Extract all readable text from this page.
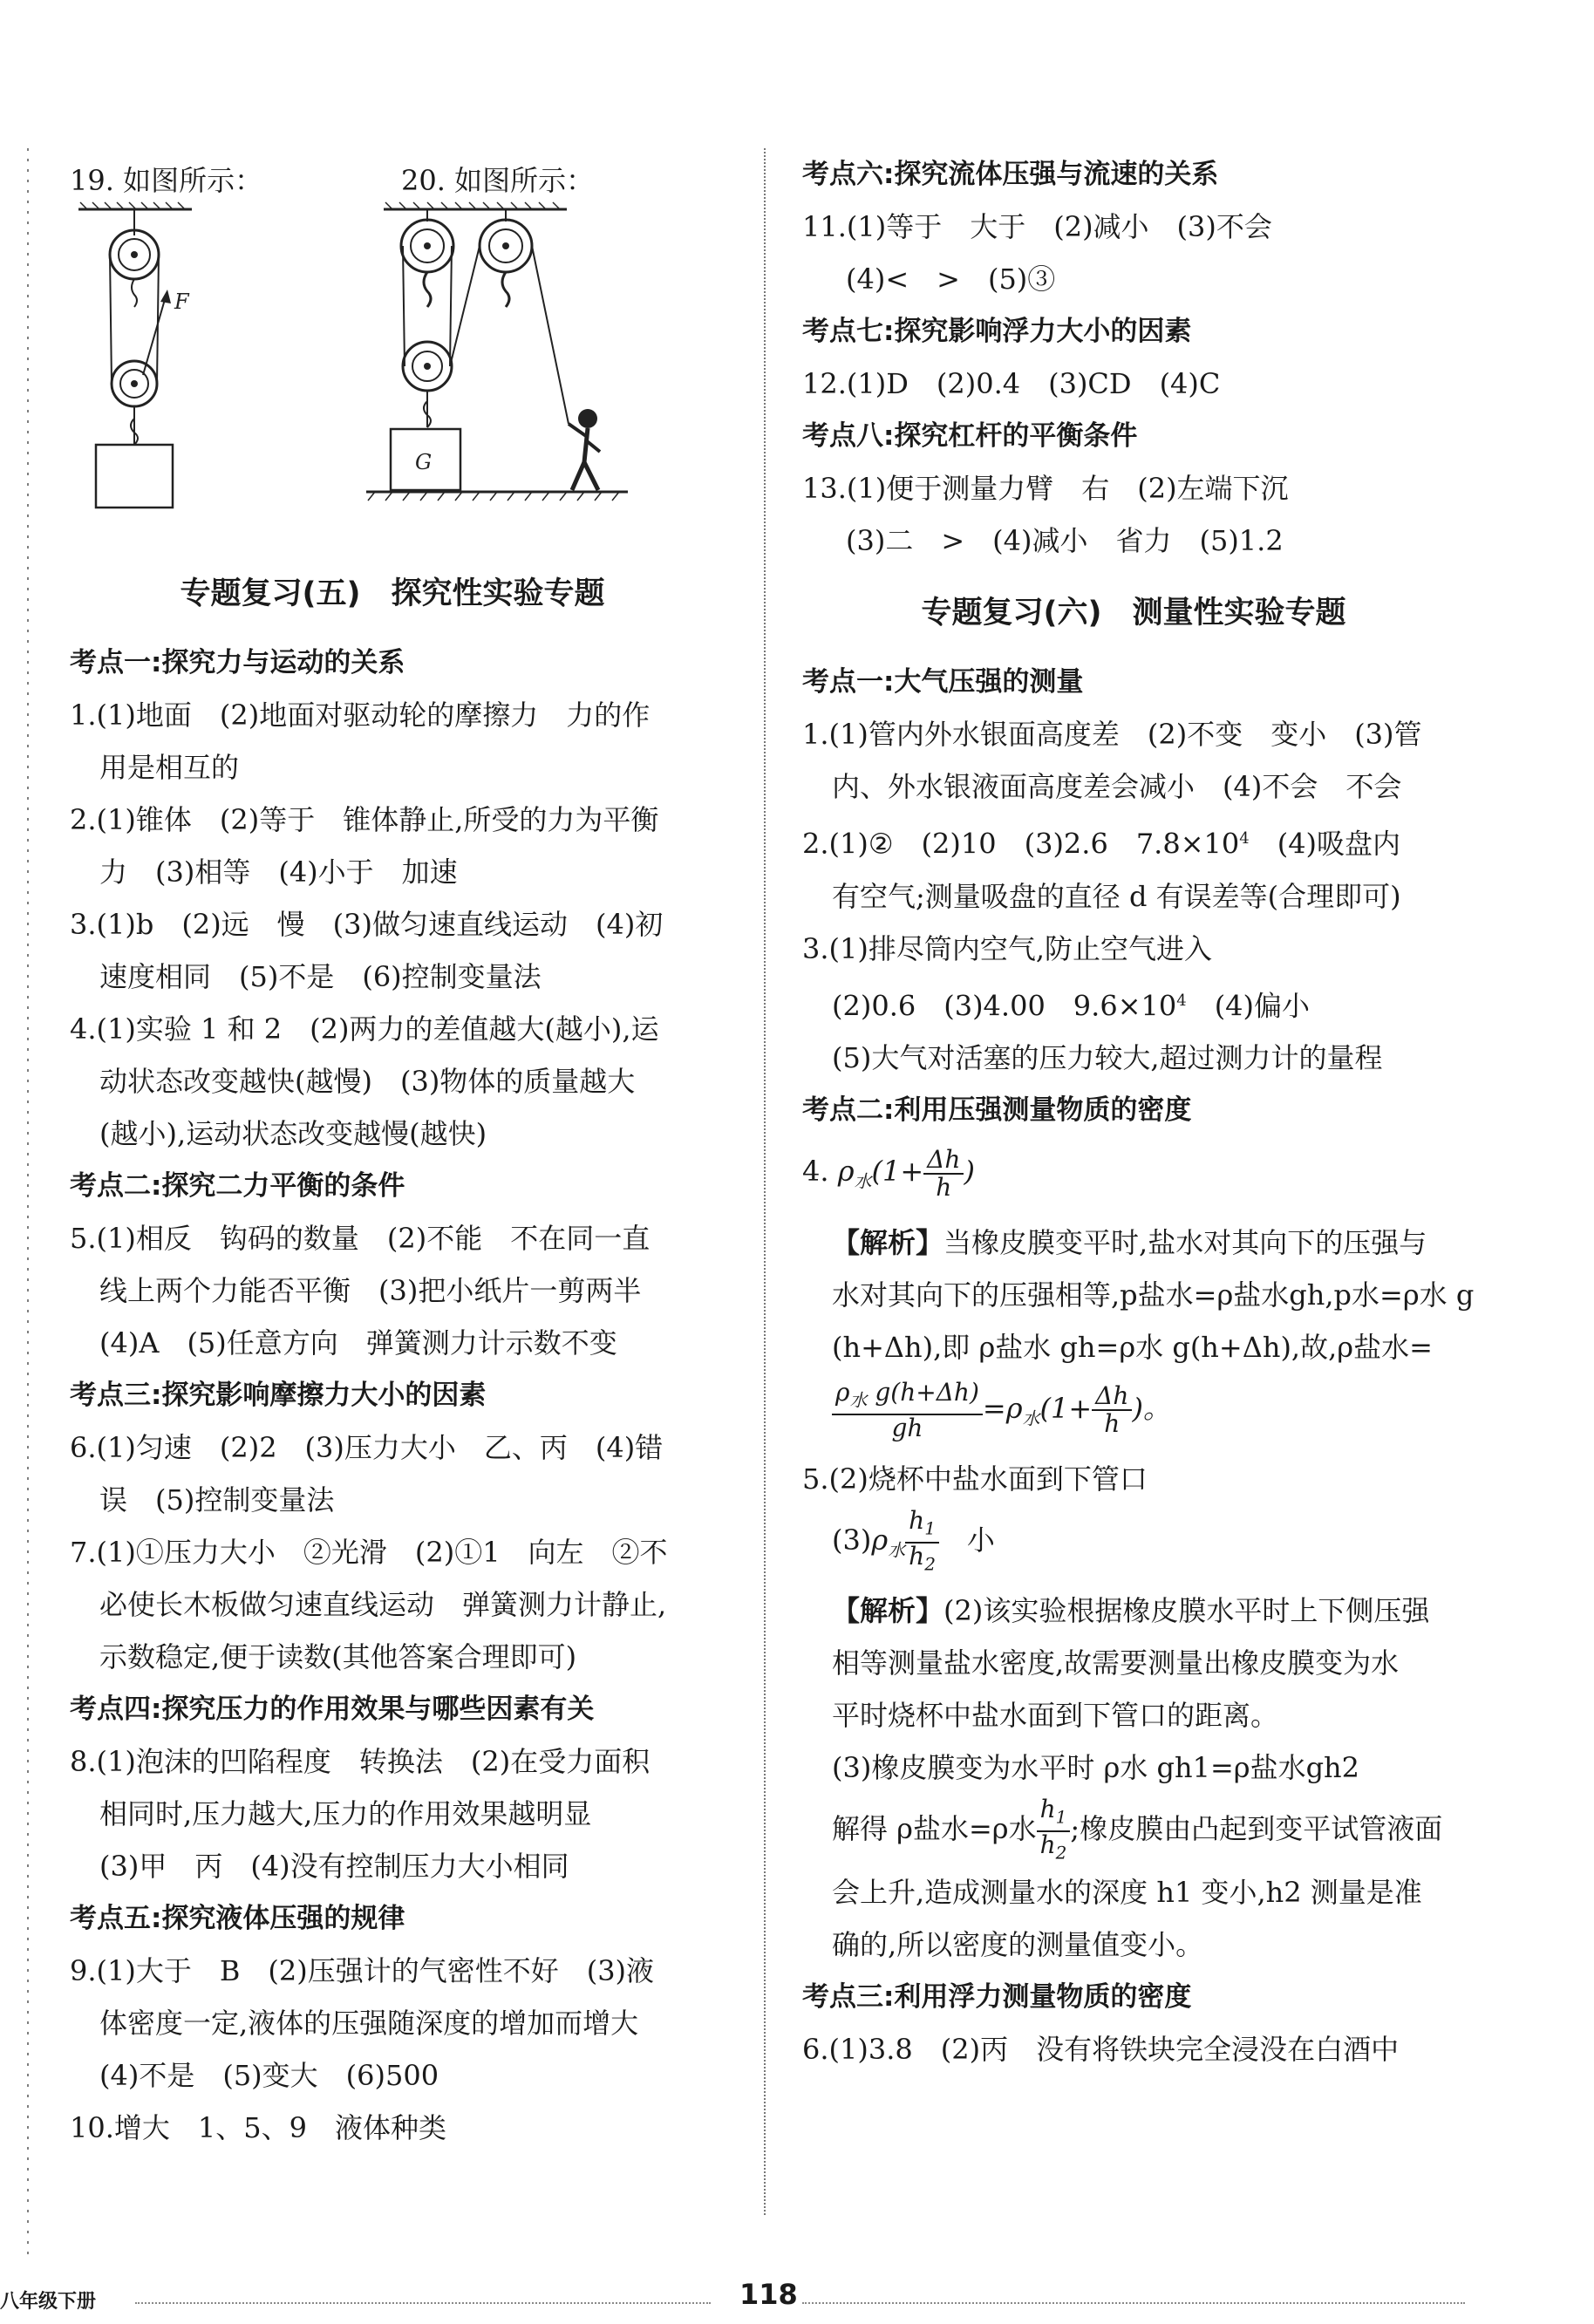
19. 如图所示：	20. 如图所示：
F
G
专题复习(五)　探究性实验专题
考点一:探究力与运动的关系
1.(1)地面　(2)地面对驱动轮的摩擦力　力的作
用是相互的
2.(1)锥体　(2)等于　锥体静止,所受的力为平衡
力　(3)相等　(4)小于　加速
3.(1)b　(2)远　慢　(3)做匀速直线运动　(4)初
速度相同　(5)不是　(6)控制变量法
4.(1)实验 1 和 2　(2)两力的差值越大(越小),运
动状态改变越快(越慢)　(3)物体的质量越大
(越小),运动状态改变越慢(越快)
考点二:探究二力平衡的条件
5.(1)相反　钩码的数量　(2)不能　不在同一直
线上两个力能否平衡　(3)把小纸片一剪两半
(4)A　(5)任意方向　弹簧测力计示数不变
考点三:探究影响摩擦力大小的因素
6.(1)匀速　(2)2　(3)压力大小　乙、丙　(4)错
误　(5)控制变量法
7.(1)①压力大小　②光滑　(2)①1　向左　②不
必使长木板做匀速直线运动　弹簧测力计静止,
示数稳定,便于读数(其他答案合理即可)
考点四:探究压力的作用效果与哪些因素有关
8.(1)泡沫的凹陷程度　转换法　(2)在受力面积
相同时,压力越大,压力的作用效果越明显
(3)甲　丙　(4)没有控制压力大小相同
考点五:探究液体压强的规律
9.(1)大于　B　(2)压强计的气密性不好　(3)液
体密度一定,液体的压强随深度的增加而增大
(4)不是　(5)变大　(6)500
10.增大　1、5、9　液体种类
考点六:探究流体压强与流速的关系
11.(1)等于　大于　(2)减小　(3)不会
(4)<　>　(5)③
考点七:探究影响浮力大小的因素
12.(1)D　(2)0.4　(3)CD　(4)C
考点八:探究杠杆的平衡条件
13.(1)便于测量力臂　右　(2)左端下沉
(3)二　>　(4)减小　省力　(5)1.2
专题复习(六)　测量性实验专题
考点一:大气压强的测量
1.(1)管内外水银面高度差　(2)不变　变小　(3)管
内、外水银液面高度差会减小　(4)不会　不会
2.(1)②　(2)10　(3)2.6　$7.8\times 10^4$　(4)吸盘内
有空气;测量吸盘的直径 d 有误差等(合理即可)
3.(1)排尽筒内空气,防止空气进入
(2)0.6　(3)4.00　$9.6\times 10^4$　(4)偏小
(5)大气对活塞的压力较大,超过测力计的量程
考点二:利用压强测量物质的密度
4. $\rho_水(1+ \frac{\Delta h}{h}$ )
【解析】当橡皮膜变平时,盐水对其向下的压强与
水对其向下的压强相等,p盐水=ρ盐水gh,p水=ρ水 g
(h+Δh),即 ρ盐水 gh=ρ水 g(h+Δh),故,ρ盐水=
$\frac{\rho_水 g(h+\Delta h)}{gh} =\rho_水(1+ \frac{\Delta h}{h}$ )。
5.(2)烧杯中盐水面到下管口
$(3)\rho_水 \frac{h_1}{h_2}$ 　小
【解析】(2)该实验根据橡皮膜水平时上下侧压强
相等测量盐水密度,故需要测量出橡皮膜变为水
平时烧杯中盐水面到下管口的距离。
(3)橡皮膜变为水平时 ρ水 gh1=ρ盐水gh2
解得 ρ盐水=ρ水 $\frac{h_1}{h_2}$ ;橡皮膜由凸起到变平试管液面
会上升,造成测量水的深度 h1 变小,h2 测量是准
确的,所以密度的测量值变小。
考点三:利用浮力测量物质的密度
6.(1)3.8　(2)丙　没有将铁块完全浸没在白酒中
八年级下册	118
